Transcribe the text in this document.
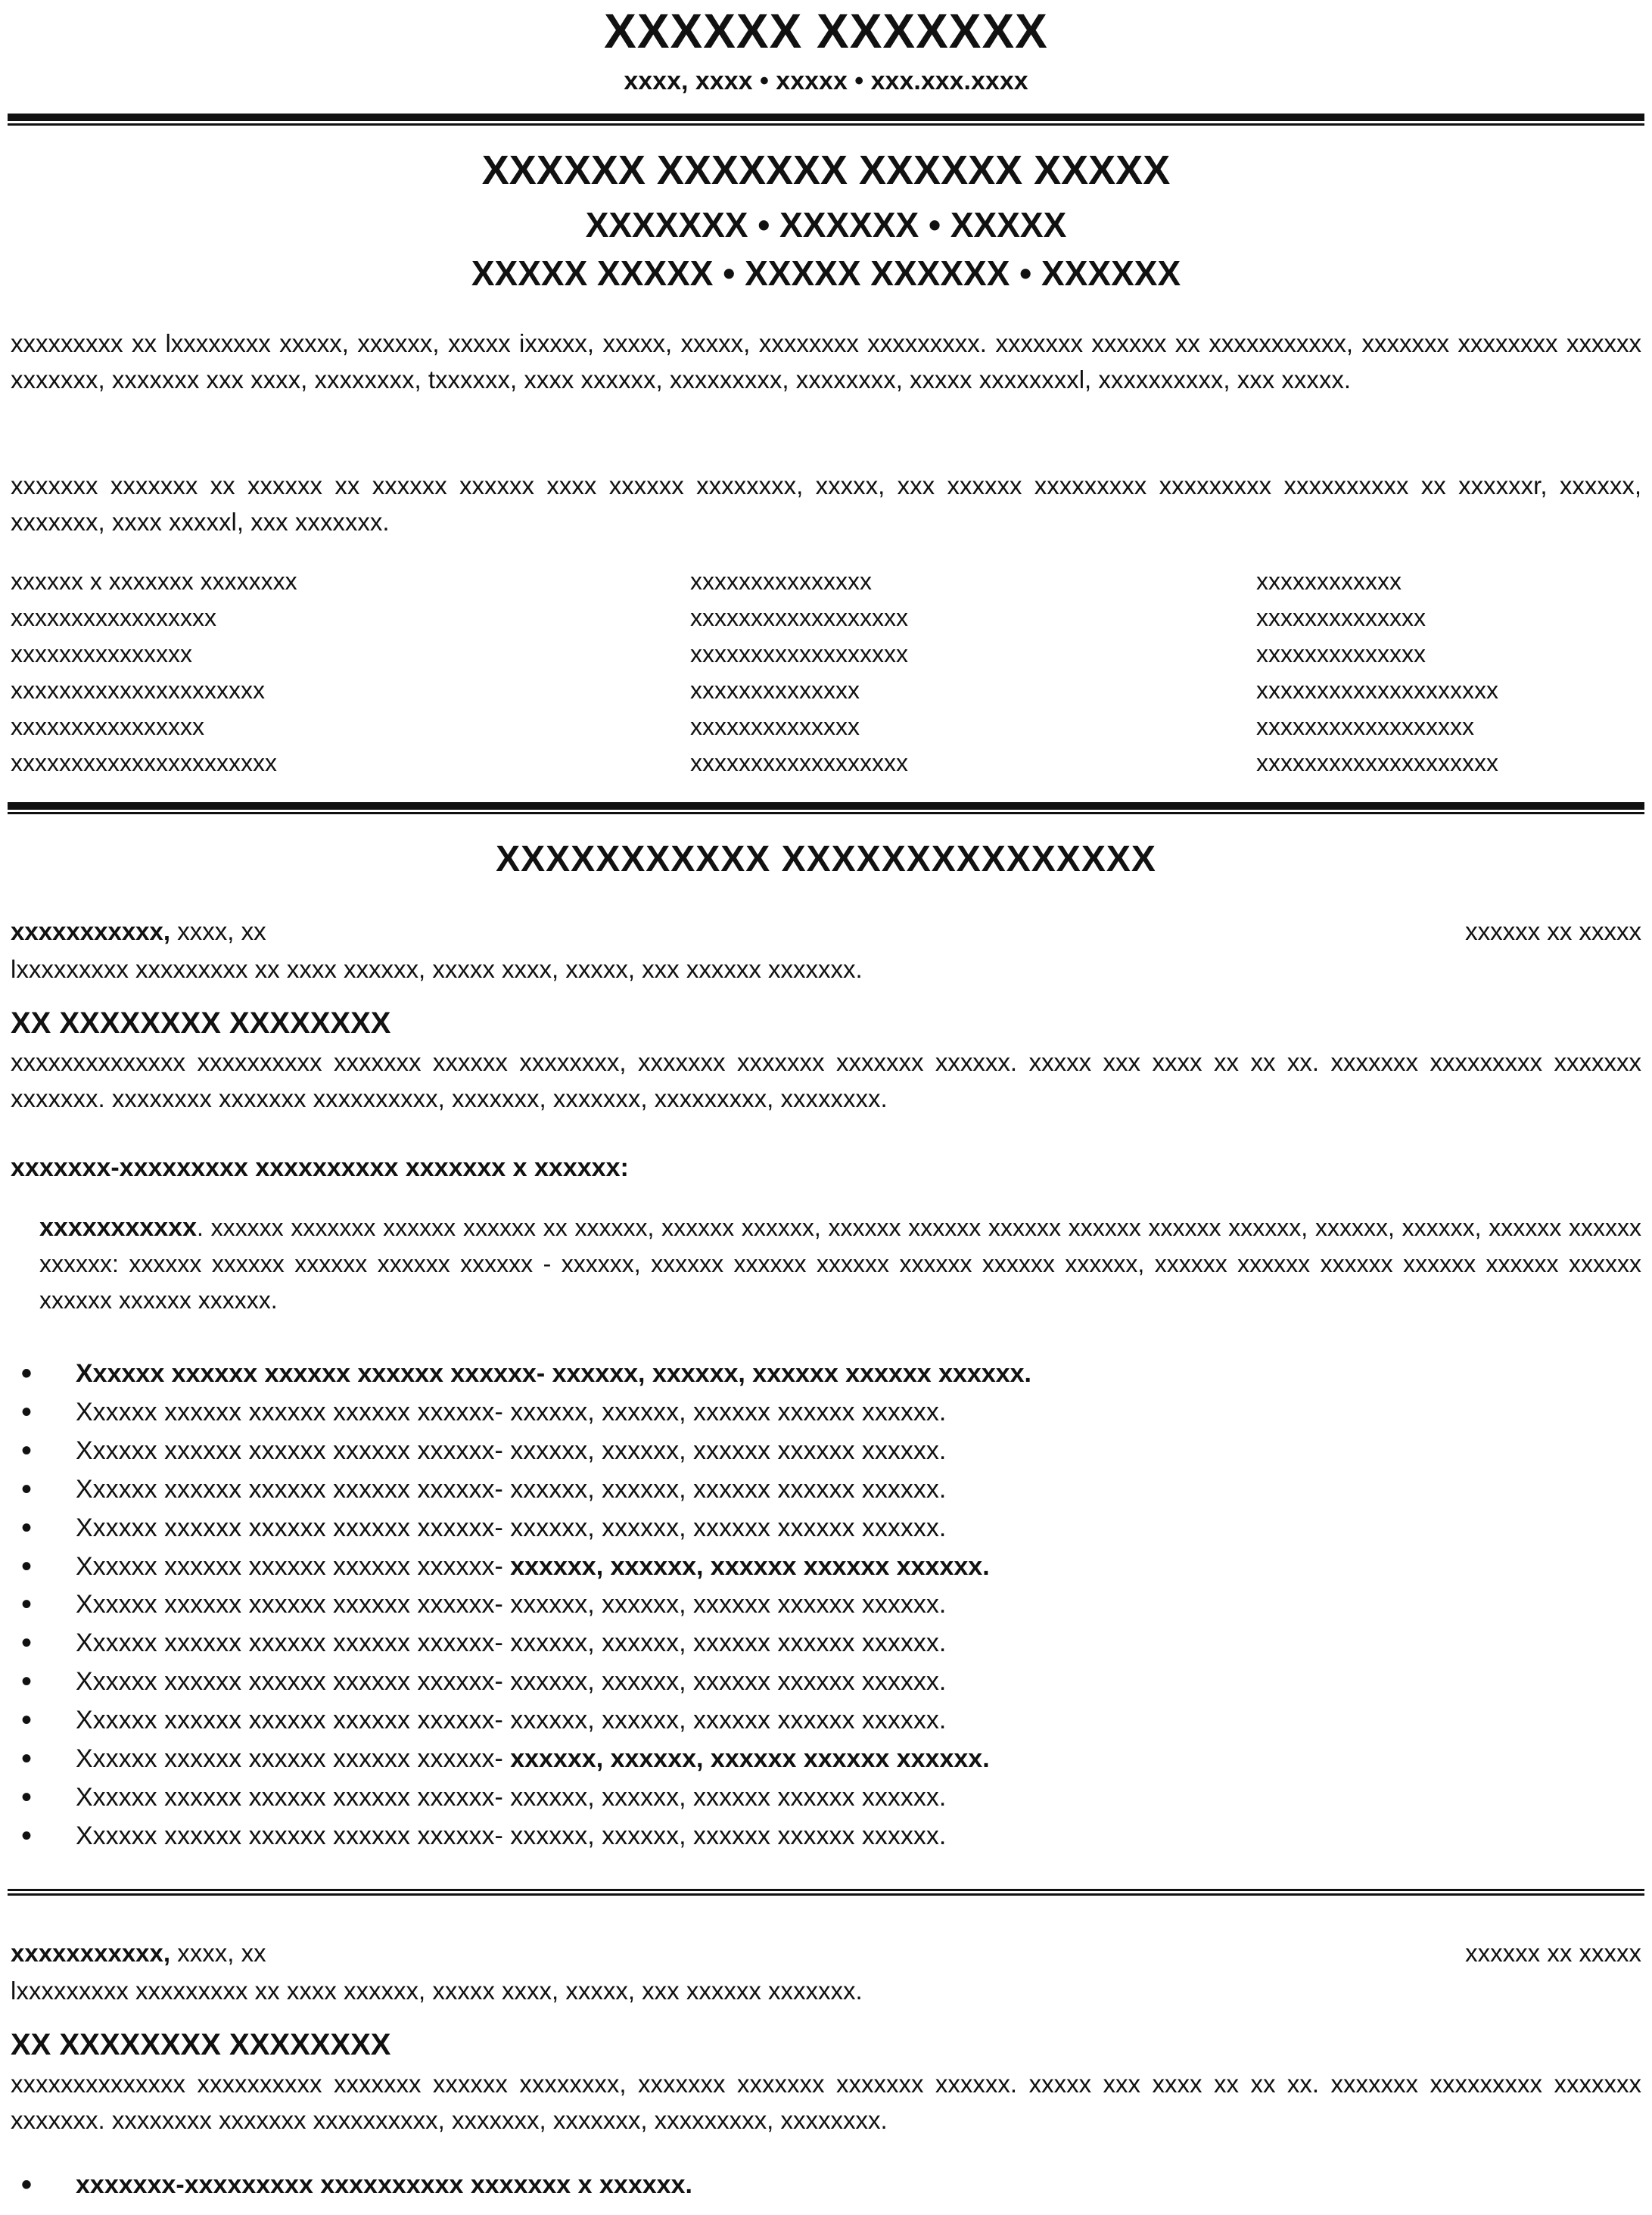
XXXXXX XXXXXXX
xxxx, xxxx • xxxxx • xxx.xxx.xxxx
XXXXXX XXXXXXX XXXXXX XXXXX
XXXXXXX • XXXXXX • XXXXX
XXXXX XXXXX • XXXXX XXXXXX • XXXXXX
xxxxxxxxx xx lxxxxxxxx xxxxx, xxxxxx, xxxxx ixxxxx, xxxxx, xxxxx, xxxxxxxx xxxxxxxxx. xxxxxxx xxxxxx xx xxxxxxxxxxx, xxxxxxx xxxxxxxx xxxxxx xxxxxxx, xxxxxxx xxx xxxx, xxxxxxxx, txxxxxx, xxxx xxxxxx, xxxxxxxxx, xxxxxxxx, xxxxx xxxxxxxxl, xxxxxxxxxx, xxx xxxxx.
xxxxxxx xxxxxxx xx xxxxxx xx xxxxxx xxxxxx xxxx xxxxxx xxxxxxxx, xxxxx, xxx xxxxxx xxxxxxxxx xxxxxxxxx xxxxxxxxxx xx xxxxxxr, xxxxxx, xxxxxxx, xxxx xxxxxl, xxx xxxxxxx.
xxxxxx x xxxxxxx xxxxxxxx
xxxxxxxxxxxxxxxxx
xxxxxxxxxxxxxxx
xxxxxxxxxxxxxxxxxxxxx
xxxxxxxxxxxxxxxx
xxxxxxxxxxxxxxxxxxxxxx
xxxxxxxxxxxxxxx
xxxxxxxxxxxxxxxxxx
xxxxxxxxxxxxxxxxxx
xxxxxxxxxxxxxx
xxxxxxxxxxxxxx
xxxxxxxxxxxxxxxxxx
xxxxxxxxxxxx
xxxxxxxxxxxxxx
xxxxxxxxxxxxxx
xxxxxxxxxxxxxxxxxxxx
xxxxxxxxxxxxxxxxxx
xxxxxxxxxxxxxxxxxxxx
XXXXXXXXXXX XXXXXXXXXXXXXXX
xxxxxxxxxxx, xxxx, xx	xxxxxx xx xxxxx
lxxxxxxxxx xxxxxxxxx xx xxxx xxxxxx, xxxxx xxxx, xxxxx, xxx xxxxxx xxxxxxx.
XX XXXXXXXX XXXXXXXX
xxxxxxxxxxxxxx xxxxxxxxxx xxxxxxx xxxxxx xxxxxxxx, xxxxxxx xxxxxxx xxxxxxx xxxxxx. xxxxx xxx xxxx xx xx xx. xxxxxxx xxxxxxxxx xxxxxxx xxxxxxx. xxxxxxxx xxxxxxx xxxxxxxxxx, xxxxxxx, xxxxxxx, xxxxxxxxx, xxxxxxxx.
xxxxxxx-xxxxxxxxx xxxxxxxxxx xxxxxxx x xxxxxx:
xxxxxxxxxxx. xxxxxx xxxxxxx xxxxxx xxxxxx xx xxxxxx, xxxxxx xxxxxx, xxxxxx xxxxxx xxxxxx xxxxxx xxxxxx xxxxxx, xxxxxx, xxxxxx, xxxxxx xxxxxx xxxxxx: xxxxxx xxxxxx xxxxxx xxxxxx xxxxxx - xxxxxx, xxxxxx xxxxxx xxxxxx xxxxxx xxxxxx xxxxxx, xxxxxx xxxxxx xxxxxx xxxxxx xxxxxx xxxxxx xxxxxx xxxxxx xxxxxx.
• Xxxxxx xxxxxx xxxxxx xxxxxx xxxxxx- xxxxxx, xxxxxx, xxxxxx xxxxxx xxxxxx.
• Xxxxxx xxxxxx xxxxxx xxxxxx xxxxxx- xxxxxx, xxxxxx, xxxxxx xxxxxx xxxxxx.
• Xxxxxx xxxxxx xxxxxx xxxxxx xxxxxx- xxxxxx, xxxxxx, xxxxxx xxxxxx xxxxxx.
• Xxxxxx xxxxxx xxxxxx xxxxxx xxxxxx- xxxxxx, xxxxxx, xxxxxx xxxxxx xxxxxx.
• Xxxxxx xxxxxx xxxxxx xxxxxx xxxxxx- xxxxxx, xxxxxx, xxxxxx xxxxxx xxxxxx.
• Xxxxxx xxxxxx xxxxxx xxxxxx xxxxxx- xxxxxx, xxxxxx, xxxxxx xxxxxx xxxxxx.
• Xxxxxx xxxxxx xxxxxx xxxxxx xxxxxx- xxxxxx, xxxxxx, xxxxxx xxxxxx xxxxxx.
• Xxxxxx xxxxxx xxxxxx xxxxxx xxxxxx- xxxxxx, xxxxxx, xxxxxx xxxxxx xxxxxx.
• Xxxxxx xxxxxx xxxxxx xxxxxx xxxxxx- xxxxxx, xxxxxx, xxxxxx xxxxxx xxxxxx.
• Xxxxxx xxxxxx xxxxxx xxxxxx xxxxxx- xxxxxx, xxxxxx, xxxxxx xxxxxx xxxxxx.
• Xxxxxx xxxxxx xxxxxx xxxxxx xxxxxx- xxxxxx, xxxxxx, xxxxxx xxxxxx xxxxxx.
• Xxxxxx xxxxxx xxxxxx xxxxxx xxxxxx- xxxxxx, xxxxxx, xxxxxx xxxxxx xxxxxx.
• Xxxxxx xxxxxx xxxxxx xxxxxx xxxxxx- xxxxxx, xxxxxx, xxxxxx xxxxxx xxxxxx.
xxxxxxxxxxx, xxxx, xx	xxxxxx xx xxxxx
lxxxxxxxxx xxxxxxxxx xx xxxx xxxxxx, xxxxx xxxx, xxxxx, xxx xxxxxx xxxxxxx.
XX XXXXXXXX XXXXXXXX
xxxxxxxxxxxxxx xxxxxxxxxx xxxxxxx xxxxxx xxxxxxxx, xxxxxxx xxxxxxx xxxxxxx xxxxxx. xxxxx xxx xxxx xx xx xx. xxxxxxx xxxxxxxxx xxxxxxx xxxxxxx. xxxxxxxx xxxxxxx xxxxxxxxxx, xxxxxxx, xxxxxxx, xxxxxxxxx, xxxxxxxx.
• xxxxxxx-xxxxxxxxx xxxxxxxxxx xxxxxxx x xxxxxx.
